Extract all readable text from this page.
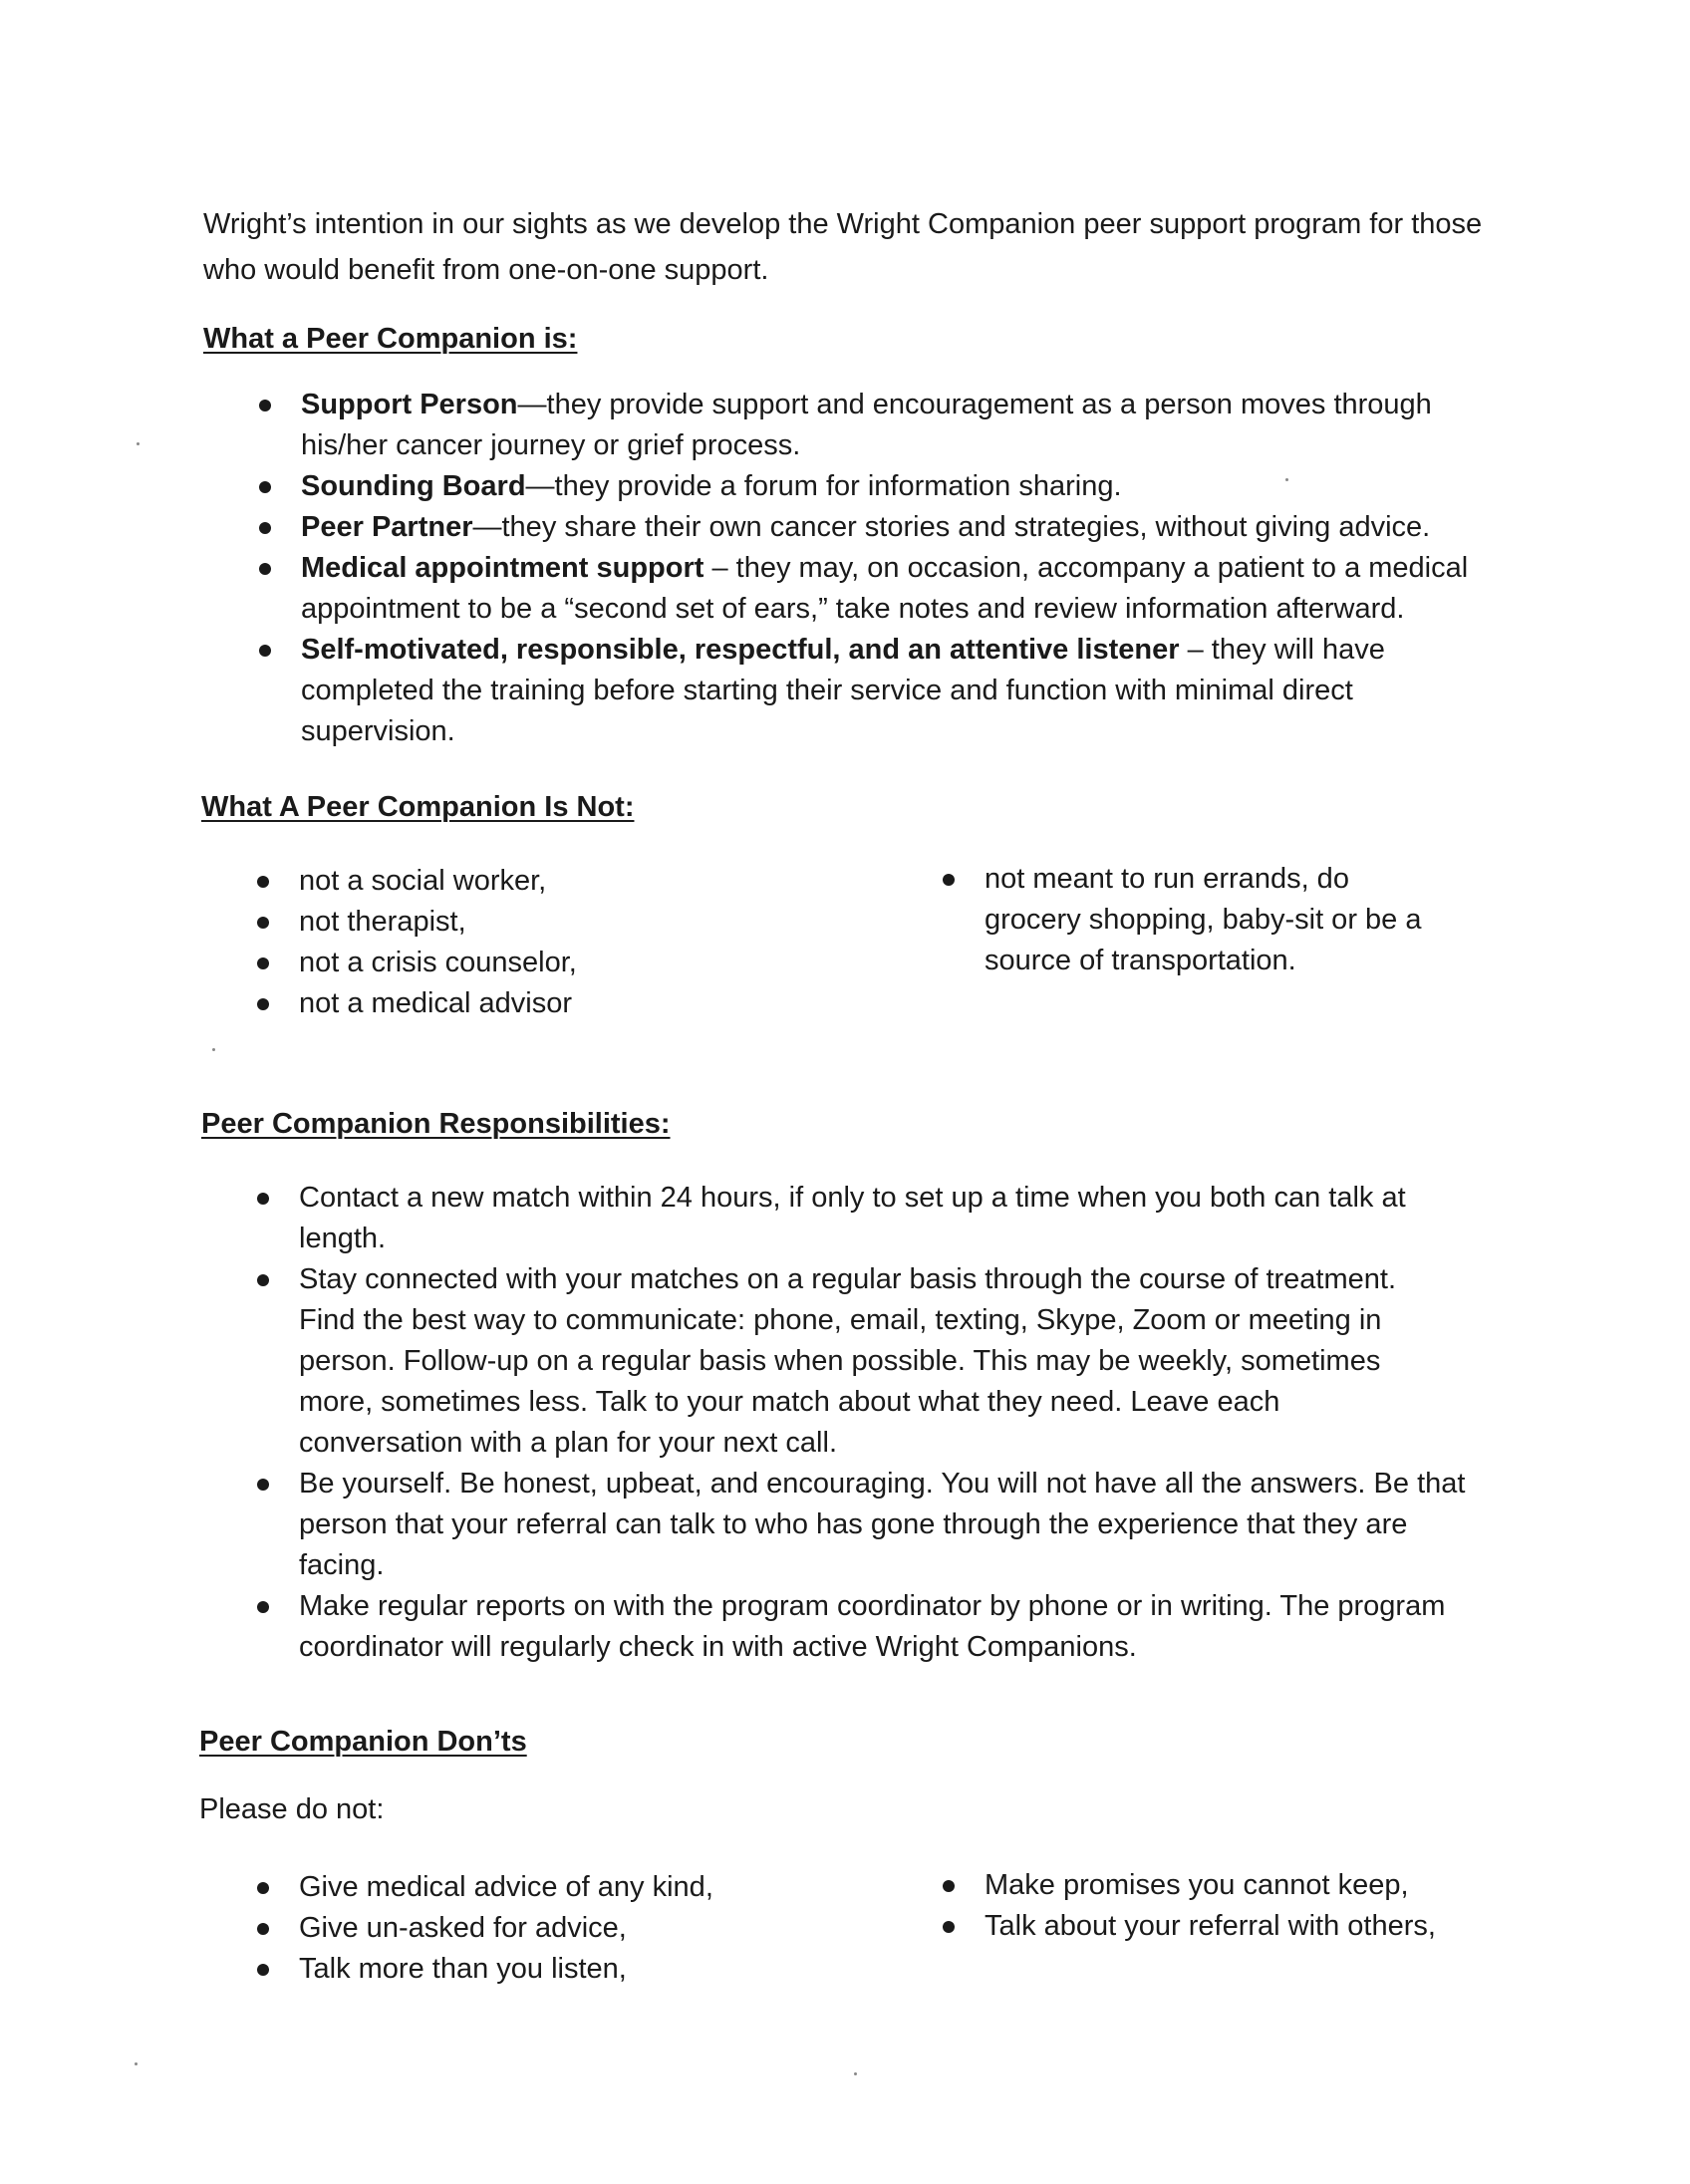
Wright’s intention in our sights as we develop the Wright Companion peer support program for those who would benefit from one-on-one support.
What a Peer Companion is:
Support Person—they provide support and encouragement as a person moves through his/her cancer journey or grief process.
Sounding Board—they provide a forum for information sharing.
Peer Partner—they share their own cancer stories and strategies, without giving advice.
Medical appointment support – they may, on occasion, accompany a patient to a medical appointment to be a “second set of ears,” take notes and review information afterward.
Self-motivated, responsible, respectful, and an attentive listener – they will have completed the training before starting their service and function with minimal direct supervision.
What A Peer Companion Is Not:
not a social worker,
not therapist,
not a crisis counselor,
not a medical advisor
not meant to run errands, do grocery shopping, baby-sit or be a source of transportation.
Peer Companion Responsibilities:
Contact a new match within 24 hours, if only to set up a time when you both can talk at length.
Stay connected with your matches on a regular basis through the course of treatment. Find the best way to communicate: phone, email, texting, Skype, Zoom or meeting in person. Follow-up on a regular basis when possible. This may be weekly, sometimes more, sometimes less. Talk to your match about what they need. Leave each conversation with a plan for your next call.
Be yourself. Be honest, upbeat, and encouraging. You will not have all the answers. Be that person that your referral can talk to who has gone through the experience that they are facing.
Make regular reports on with the program coordinator by phone or in writing. The program coordinator will regularly check in with active Wright Companions.
Peer Companion Don’ts
Please do not:
Give medical advice of any kind,
Give un-asked for advice,
Talk more than you listen,
Make promises you cannot keep,
Talk about your referral with others,
